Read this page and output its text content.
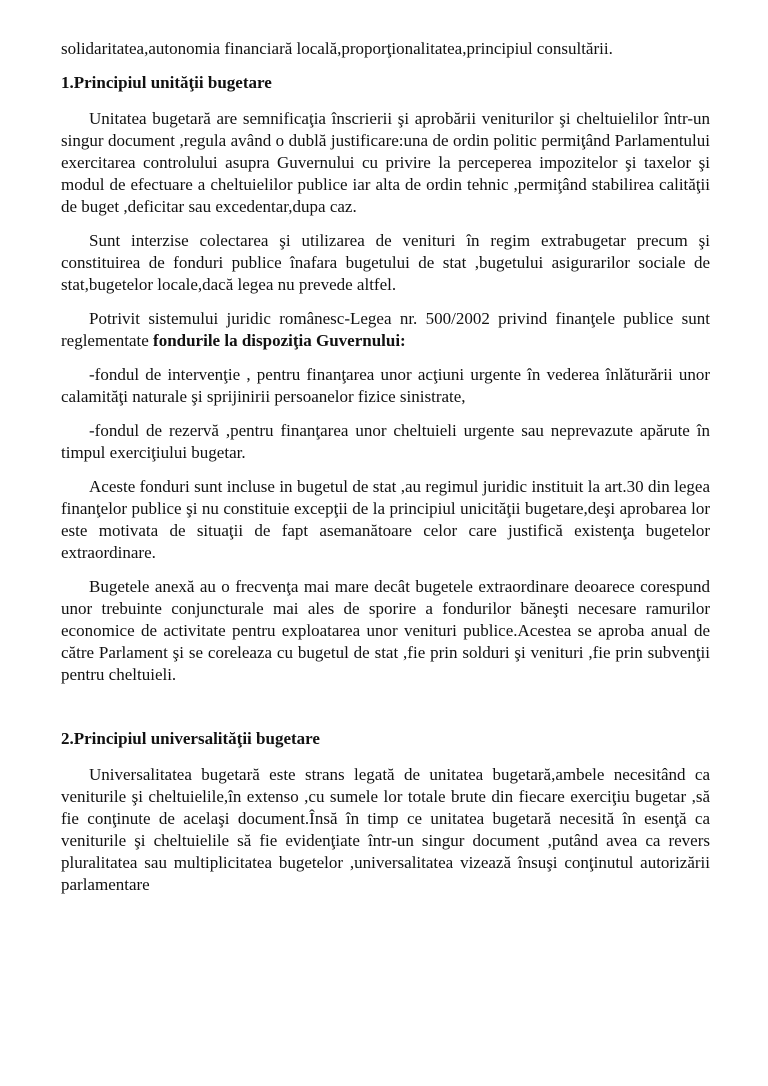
solidaritatea,autonomia financiară locală,proporţionalitatea,principiul consultării.

1.Principiul unităţii bugetare

Unitatea bugetară are semnificaţia înscrierii şi aprobării veniturilor şi cheltuielilor într-un singur document ,regula având o dublă justificare:una de ordin politic permiţând Parlamentului exercitarea controlului asupra Guvernului cu privire la perceperea impozitelor şi taxelor şi modul de efectuare a cheltuielilor publice iar alta de ordin tehnic ,permiţând stabilirea calităţii de buget ,deficitar sau excedentar,dupa caz.

Sunt interzise colectarea şi utilizarea de venituri în regim extrabugetar precum şi constituirea de fonduri publice înafara bugetului de stat ,bugetului asigurarilor sociale de stat,bugetelor locale,dacă legea nu prevede altfel.

Potrivit sistemului juridic românesc-Legea nr. 500/2002 privind finanţele publice sunt reglementate fondurile la dispoziţia Guvernului:

-fondul de intervenţie , pentru finanţarea unor acţiuni urgente în vederea înlăturării unor calamităţi naturale şi sprijinirii persoanelor fizice sinistrate,

-fondul de rezervă ,pentru finanţarea unor cheltuieli urgente sau neprevazute apărute în timpul exerciţiului bugetar.

Aceste fonduri sunt incluse in bugetul de stat ,au regimul juridic instituit la art.30 din legea finanţelor publice şi nu constituie excepţii de la principiul unicităţii bugetare,deşi aprobarea lor este motivata de situaţii de fapt asemanătoare celor care justifică existenţa bugetelor extraordinare.

Bugetele anexă au o frecvenţa mai mare decât bugetele extraordinare deoarece corespund unor trebuinte conjuncturale mai ales de sporire a fondurilor băneşti necesare ramurilor economice de activitate pentru exploatarea unor venituri publice.Acestea se aproba anual de către Parlament şi se coreleaza cu bugetul de stat ,fie prin solduri şi venituri ,fie prin subvenţii pentru cheltuieli.

2.Principiul universalităţii bugetare

Universalitatea bugetară este strans legată de unitatea bugetară,ambele necesitând ca veniturile şi cheltuielile,în extenso ,cu sumele lor totale brute din fiecare exerciţiu bugetar ,să fie conţinute de acelaşi document.Însă în timp ce unitatea bugetară necesită în esenţă ca veniturile şi cheltuielile să fie evidenţiate într-un singur document ,putând avea ca revers pluralitatea sau multiplicitatea bugetelor ,universalitatea vizează însuşi conţinutul autorizării parlamentare
